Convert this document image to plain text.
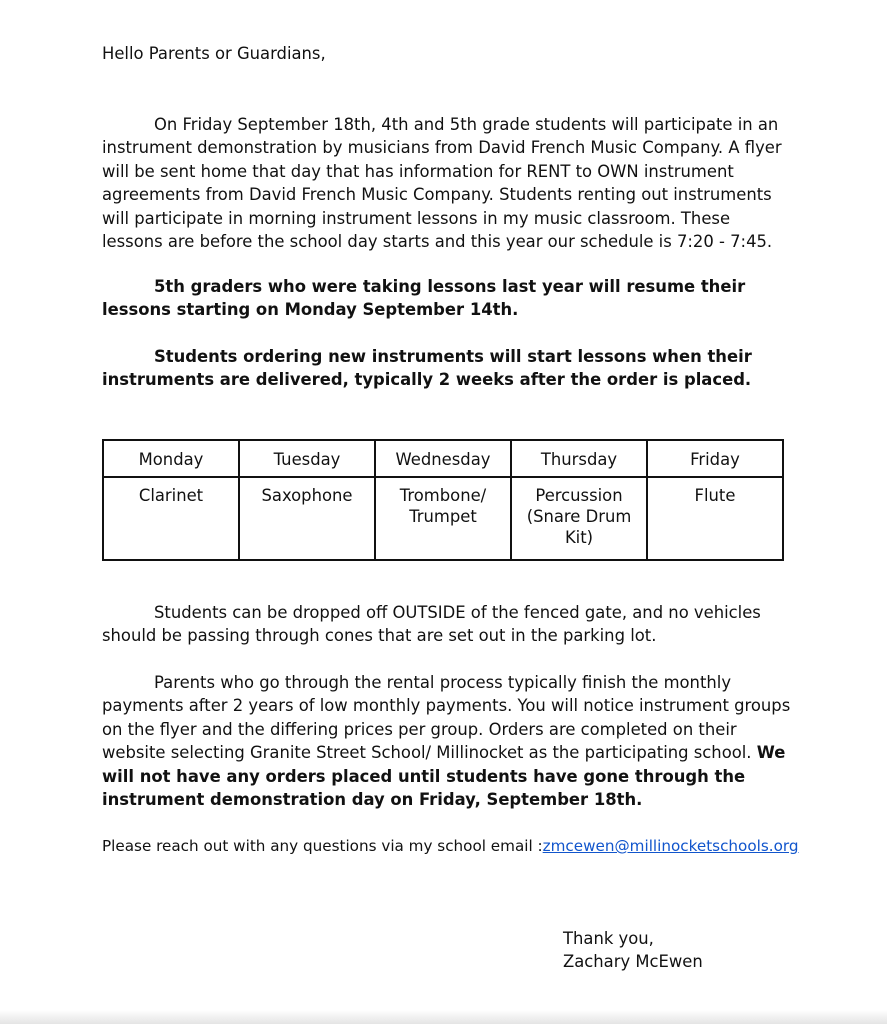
Hello Parents or Guardians,
On Friday September 18th, 4th and 5th grade students will participate in an instrument demonstration by musicians from David French Music Company. A flyer will be sent home that day that has information for RENT to OWN instrument agreements from David French Music Company. Students renting out instruments will participate in morning instrument lessons in my music classroom. These lessons are before the school day starts and this year our schedule is 7:20 - 7:45.
5th graders who were taking lessons last year will resume their lessons starting on Monday September 14th.
Students ordering new instruments will start lessons when their instruments are delivered, typically 2 weeks after the order is placed.
Monday	Tuesday	Wednesday	Thursday	Friday
Clarinet	Saxophone	Trombone/ Trumpet	Percussion (Snare Drum Kit)	Flute
Students can be dropped off OUTSIDE of the fenced gate, and no vehicles should be passing through cones that are set out in the parking lot.
Parents who go through the rental process typically finish the monthly payments after 2 years of low monthly payments. You will notice instrument groups on the flyer and the differing prices per group. Orders are completed on their website selecting Granite Street School/ Millinocket as the participating school. We will not have any orders placed until students have gone through the instrument demonstration day on Friday, September 18th.
Please reach out with any questions via my school email :zmcewen@millinocketschools.org
Thank you,
Zachary McEwen
